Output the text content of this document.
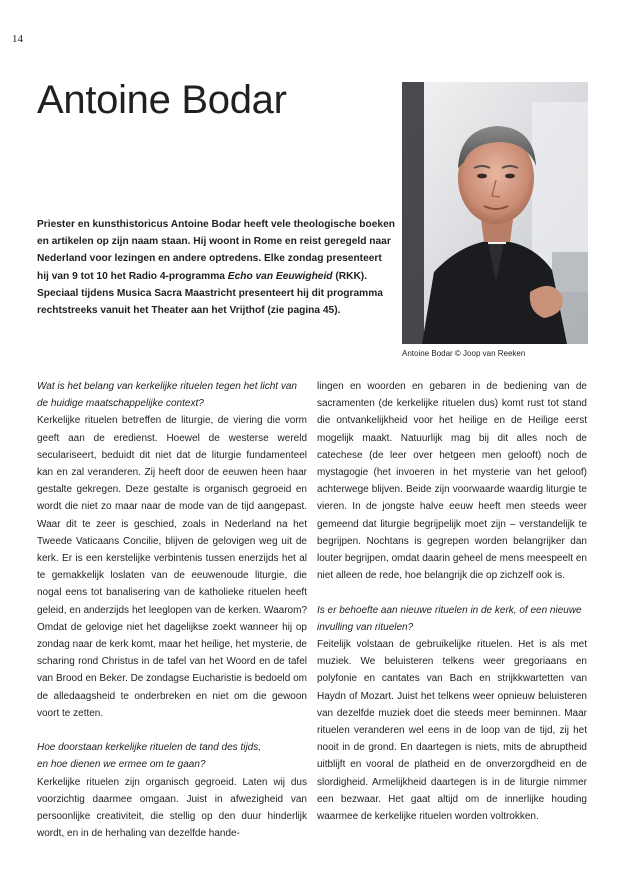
14
Antoine Bodar
Antoine Bodar © Joop van Reeken

Priester en kunsthistoricus Antoine Bodar heeft vele theologische boeken en artikelen op zijn naam staan. Hij woont in Rome en reist geregeld naar Nederland voor lezingen en andere optredens. Elke zondag presenteert hij van 9 tot 10 het Radio 4-programma Echo van Eeuwigheid (RKK). Speciaal tijdens Musica Sacra Maastricht presenteert hij dit programma rechtstreeks vanuit het Theater aan het Vrijthof (zie pagina 45).

Wat is het belang van kerkelijke rituelen tegen het licht van de huidige maatschappelijke context?

Kerkelijke rituelen betreffen de liturgie, de viering die vorm geeft aan de eredienst. Hoewel de westerse wereld seculariseert, beduidt dit niet dat de liturgie fundamenteel kan en zal veranderen. Zij heeft door de eeuwen heen haar gestalte gekregen. Deze gestalte is organisch gegroeid en wordt die niet zo maar naar de mode van de tijd aangepast. Waar dit te zeer is geschied, zoals in Nederland na het Tweede Vaticaans Concilie, blijven de gelovigen weg uit de kerk. Er is een kerstelijke verbintenis tussen enerzijds het al te gemakkelijk loslaten van de eeuwenoude liturgie, die nogal eens tot banalisering van de katholieke rituelen heeft geleid, en anderzijds het leeglopen van de kerken. Waarom? Omdat de gelovige niet het dagelijkse zoekt wanneer hij op zondag naar de kerk komt, maar het heilige, het mysterie, de scharing rond Christus in de tafel van het Woord en de tafel van Brood en Beker. De zondagse Eucharistie is bedoeld om de alledaagsheid te onderbreken en niet om die gewoon voort te zetten.

Hoe doorstaan kerkelijke rituelen de tand des tijds,

en hoe dienen we ermee om te gaan?

Kerkelijke rituelen zijn organisch gegroeid. Laten wij dus voorzichtig daarmee omgaan. Juist in afwezigheid van persoonlijke creativiteit, die stellig op den duur hinderlijk wordt, en in de herhaling van dezelfde hande-

lingen en woorden en gebaren in de bediening van de sacramenten (de kerkelijke rituelen dus) komt rust tot stand die ontvankelijkheid voor het heilige en de Heilige eerst mogelijk maakt. Natuurlijk mag bij dit alles noch de catechese (de leer over hetgeen men gelooft) noch de mystagogie (het invoeren in het mysterie van het geloof) achterwege blijven. Beide zijn voorwaarde waardig liturgie te vieren. In de jongste halve eeuw heeft men steeds weer gemeend dat liturgie begrijpelijk moet zijn – verstandelijk te begrijpen. Nochtans is gegrepen worden belangrijker dan louter begrijpen, omdat daarin geheel de mens meespeelt en niet alleen de rede, hoe belangrijk die op zichzelf ook is.

Is er behoefte aan nieuwe rituelen in de kerk, of een nieuwe invulling van rituelen?

Feitelijk volstaan de gebruikelijke rituelen. Het is als met muziek. We beluisteren telkens weer gregoriaans en polyfonie en cantates van Bach en strijkkwartetten van Haydn of Mozart. Juist het telkens weer opnieuw beluisteren van dezelfde muziek doet die steeds meer beminnen. Maar rituelen veranderen wel eens in de loop van de tijd, zij het nooit in de grond. En daartegen is niets, mits de abruptheid uitblijft en vooral de platheid en de onverzorgdheid en de slordigheid. Armelijkheid daartegen is in de liturgie nimmer een bezwaar. Het gaat altijd om de innerlijke houding waarmee de kerkelijke rituelen worden voltrokken.
